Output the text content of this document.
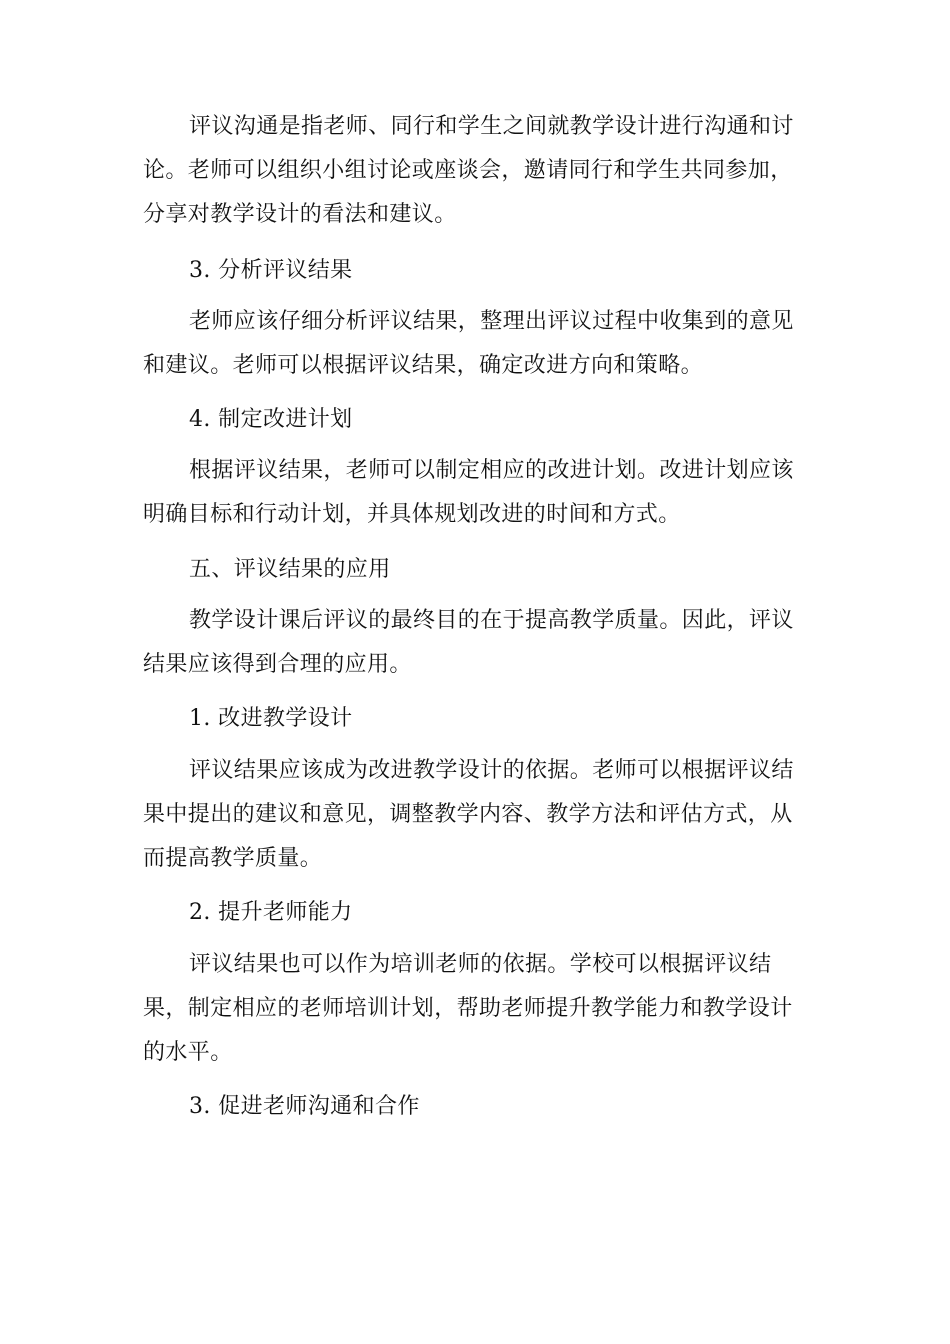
评议沟通是指老师、同行和学生之间就教学设计进行沟通和讨论。老师可以组织小组讨论或座谈会，邀请同行和学生共同参加，分享对教学设计的看法和建议。

3. 分析评议结果

老师应该仔细分析评议结果，整理出评议过程中收集到的意见和建议。老师可以根据评议结果，确定改进方向和策略。

4. 制定改进计划

根据评议结果，老师可以制定相应的改进计划。改进计划应该明确目标和行动计划，并具体规划改进的时间和方式。

五、评议结果的应用

教学设计课后评议的最终目的在于提高教学质量。因此，评议结果应该得到合理的应用。

1. 改进教学设计

评议结果应该成为改进教学设计的依据。老师可以根据评议结果中提出的建议和意见，调整教学内容、教学方法和评估方式，从而提高教学质量。

2. 提升老师能力

评议结果也可以作为培训老师的依据。学校可以根据评议结果，制定相应的老师培训计划，帮助老师提升教学能力和教学设计的水平。

3. 促进老师沟通和合作
